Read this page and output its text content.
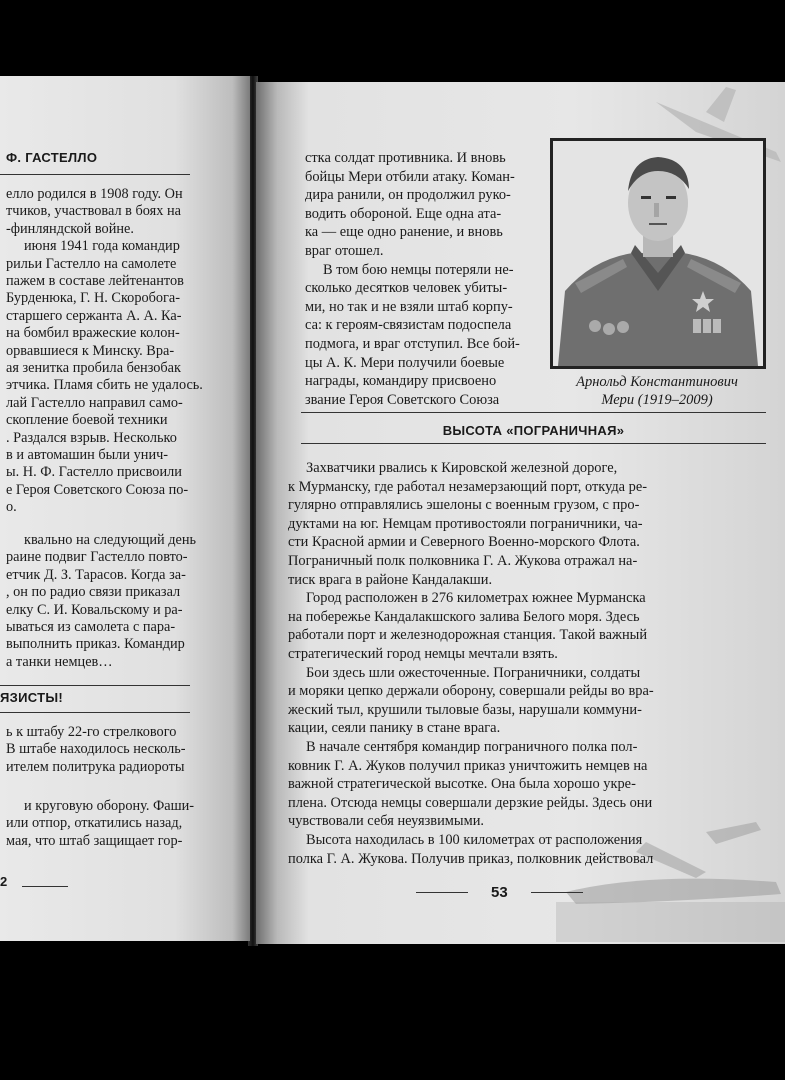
Ф. ГАСТЕЛЛО
елло родился в 1908 году. Он
тчиков, участвовал в боях на
-финляндской войне.
июня 1941 года командир
рильи Гастелло на самолете
пажем в составе лейтенантов
Бурденюка, Г. Н. Скоробога-
старшего сержанта А. А. Ка-
на бомбил вражеские колон-
орвавшиеся к Минску. Вра-
ая зенитка пробила бензобак
этчика. Пламя сбить не удалось.
лай Гастелло направил само-
скопление боевой техники
. Раздался взрыв. Несколько
в и автомашин были унич-
ы. Н. Ф. Гастелло присвоили
е Героя Советского Союза по-
о.
квально на следующий день
раине подвиг Гастелло повто-
етчик Д. З. Тарасов. Когда за-
, он по радио связи приказал
елку С. И. Ковальскому и ра-
ываться из самолета с пара-
выполнить приказ. Командир
а танки немцев…
ЯЗИСТЫ!
ь к штабу 22-го стрелкового
В штабе находилось несколь-
ителем политрука радиороты
и круговую оборону. Фаши-
или отпор, откатились назад,
мая, что штаб защищает гор-
2
стка солдат противника. И вновь
бойцы Мери отбили атаку. Коман-
дира ранили, он продолжил руко-
водить обороной. Еще одна ата-
ка — еще одно ранение, и вновь
враг отошел.
В том бою немцы потеряли не-
сколько десятков человек убиты-
ми, но так и не взяли штаб корпу-
са: к героям-связистам подоспела
подмога, и враг отступил. Все бой-
цы А. К. Мери получили боевые
награды, командиру присвоено
звание Героя Советского Союза
Арнольд Константинович
Мери (1919–2009)
ВЫСОТА «ПОГРАНИЧНАЯ»
Захватчики рвались к Кировской железной дороге,
к Мурманску, где работал незамерзающий порт, откуда ре-
гулярно отправлялись эшелоны с военным грузом, с про-
дуктами на юг. Немцам противостояли пограничники, ча-
сти Красной армии и Северного Военно-морского Флота.
Пограничный полк полковника Г. А. Жукова отражал на-
тиск врага в районе Кандалакши.
Город расположен в 276 километрах южнее Мурманска
на побережье Кандалакшского залива Белого моря. Здесь
работали порт и железнодорожная станция. Такой важный
стратегический город немцы мечтали взять.
Бои здесь шли ожесточенные. Пограничники, солдаты
и моряки цепко держали оборону, совершали рейды во вра-
жеский тыл, крушили тыловые базы, нарушали коммуни-
кации, сеяли панику в стане врага.
В начале сентября командир пограничного полка пол-
ковник Г. А. Жуков получил приказ уничтожить немцев на
важной стратегической высотке. Она была хорошо укре-
плена. Отсюда немцы совершали дерзкие рейды. Здесь они
чувствовали себя неуязвимыми.
Высота находилась в 100 километрах от расположения
полка Г. А. Жукова. Получив приказ, полковник действовал
53
